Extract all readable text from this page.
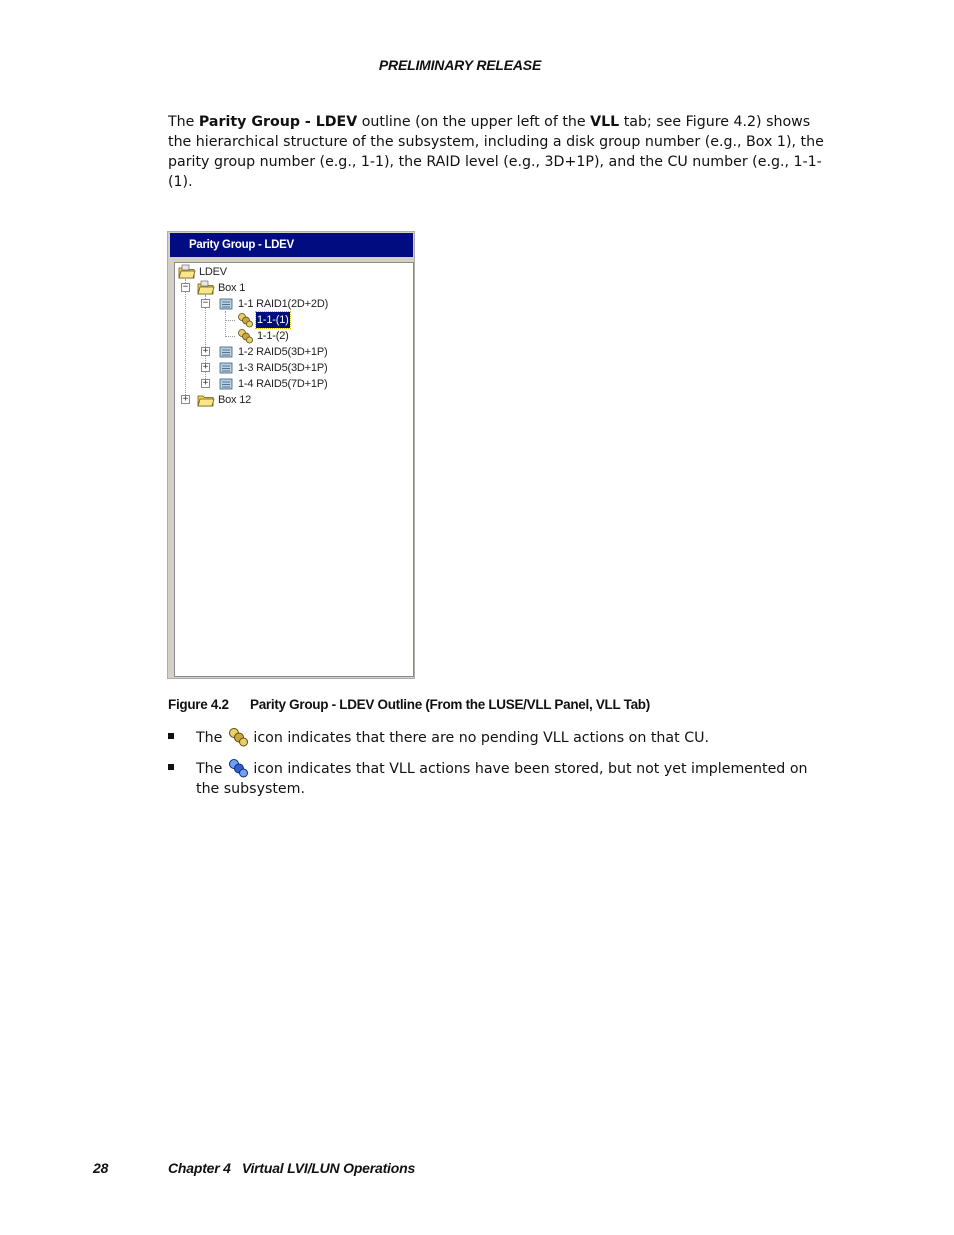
PRELIMINARY RELEASE

The Parity Group - LDEV outline (on the upper left of the VLL tab; see Figure 4.2) shows the hierarchical structure of the subsystem, including a disk group number (e.g., Box 1), the parity group number (e.g., 1-1), the RAID level (e.g., 3D+1P), and the CU number (e.g., 1-1-(1).

Parity Group - LDEV
LDEV
−	Box 1
−	1-1 RAID1(2D+2D)
1-1-(1)
1-1-(2)
+	1-2 RAID5(3D+1P)
+	1-3 RAID5(3D+1P)
+	1-4 RAID5(7D+1P)
+	Box 12
Figure 4.2 Parity Group - LDEV Outline (From the LUSE/VLL Panel, VLL Tab)
The  icon indicates that there are no pending VLL actions on that CU.
The  icon indicates that VLL actions have been stored, but not yet implemented on the subsystem.
28	Chapter 4   Virtual LVI/LUN Operations
